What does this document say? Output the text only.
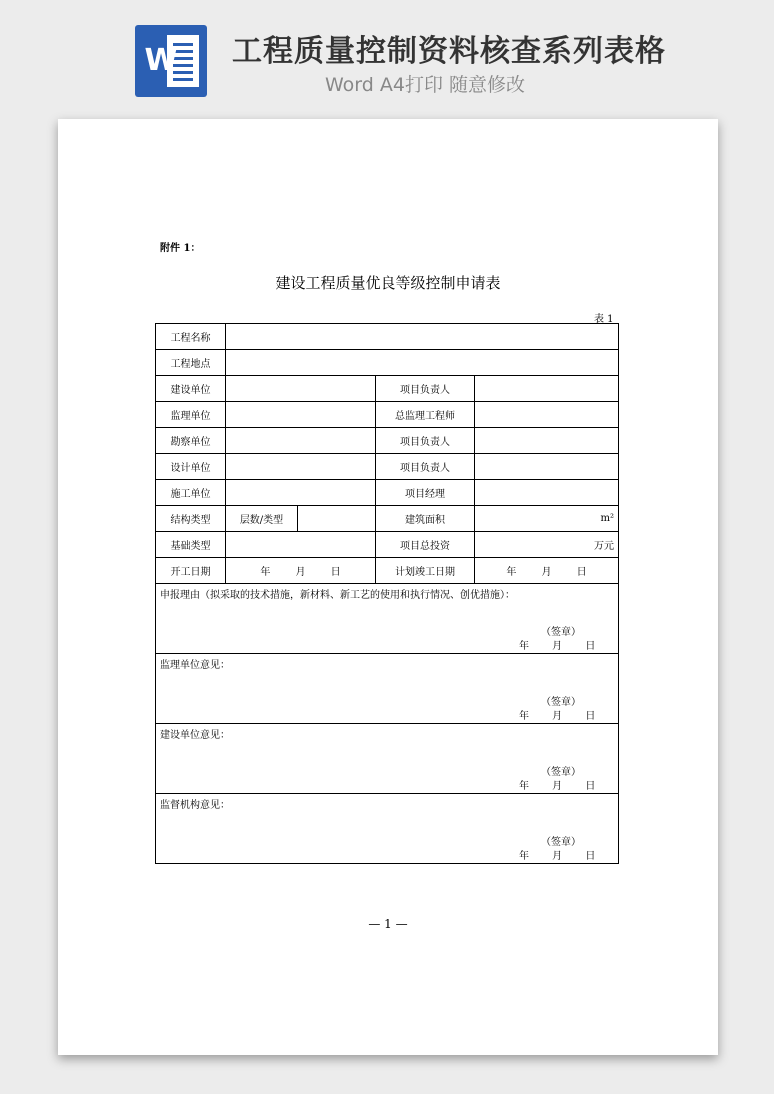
W 工程质量控制资料核查系列表格
Word A4打印 随意修改

附件 1：
建设工程质量优良等级控制申请表
表 1
工程名称				
工程地点				
建设单位			项目负责人	
监理单位			总监理工程师	
勘察单位			项目负责人	
设计单位			项目负责人	
施工单位			项目经理	
结构类型	层数/类型		建筑面积	m²
基础类型			项目总投资	万元
开工日期	年 月 日		计划竣工日期	年 月 日

申报理由（拟采取的技术措施，新材料、新工艺的使用和执行情况、创优措施）：
（签章）
年 月 日				

监理单位意见：
（签章）
年 月 日				

建设单位意见：
（签章）
年 月 日				

监督机构意见：
（签章）
年 月 日				
— 1 —
